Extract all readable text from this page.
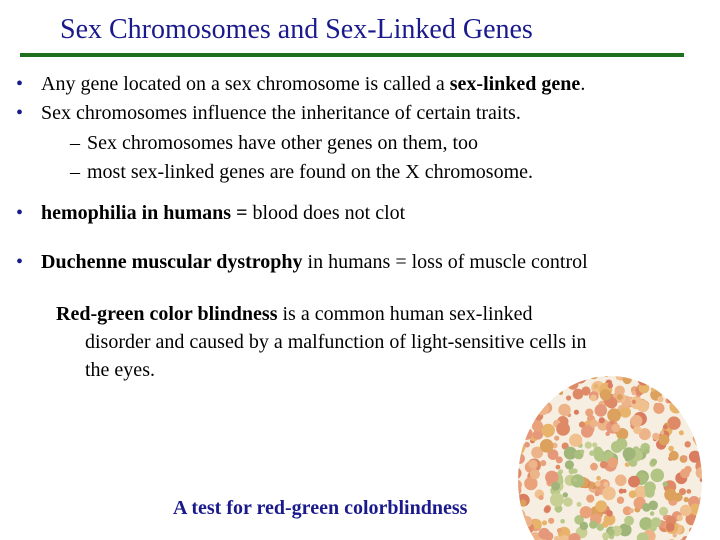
Sex Chromosomes and Sex-Linked Genes
• Any gene located on a sex chromosome is called a sex-linked gene.
• Sex chromosomes influence the inheritance of certain traits.
– Sex chromosomes have other genes on them, too
– most sex-linked genes are found on the X chromosome.
• hemophilia in humans = blood does not clot
• Duchenne muscular dystrophy in humans = loss of muscle control
Red-green color blindness is a common human sex-linked
disorder and caused by a malfunction of light-sensitive cells in
the eyes.
A test for red-green colorblindness
